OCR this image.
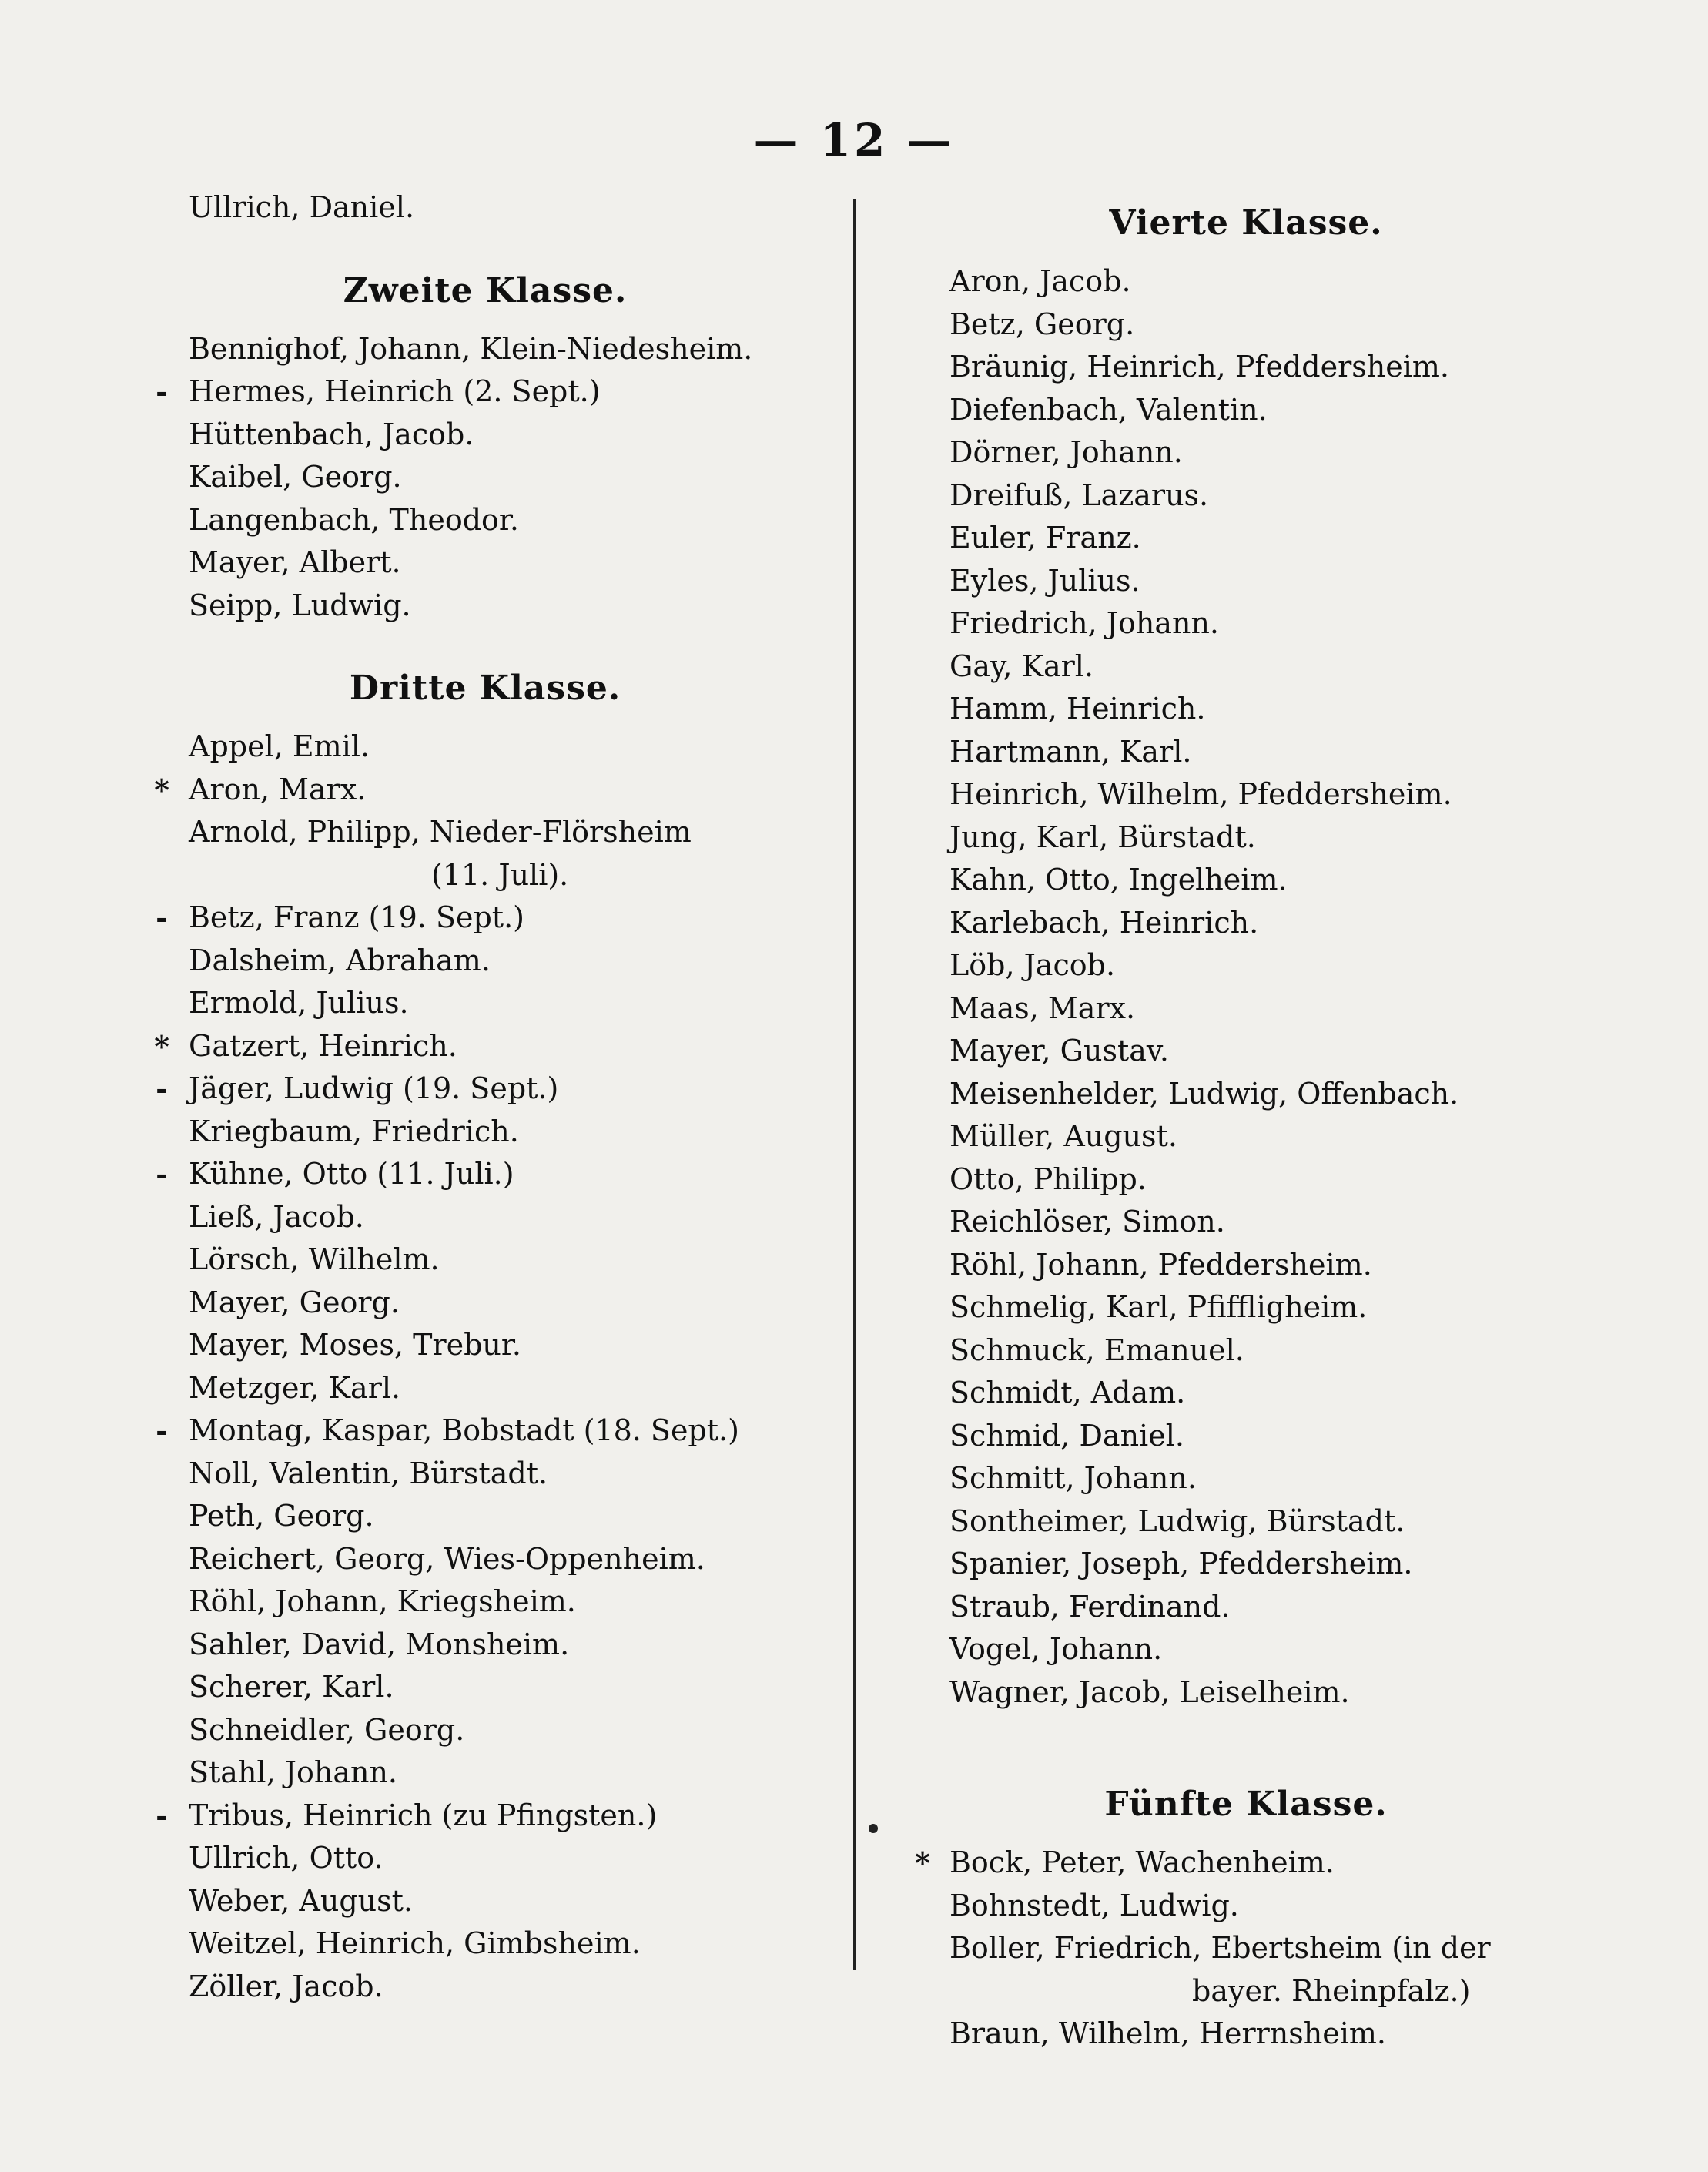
— 12 —
Ullrich, Daniel.
Zweite Klasse.
Bennighof, Johann, Klein-Niedesheim.
- Hermes, Heinrich (2. Sept.)
Hüttenbach, Jacob.
Kaibel, Georg.
Langenbach, Theodor.
Mayer, Albert.
Seipp, Ludwig.
Dritte Klasse.
Appel, Emil.
* Aron, Marx.
Arnold, Philipp, Nieder-Flörsheim
(11. Juli).
- Betz, Franz (19. Sept.)
Dalsheim, Abraham.
Ermold, Julius.
* Gatzert, Heinrich.
- Jäger, Ludwig (19. Sept.)
Kriegbaum, Friedrich.
- Kühne, Otto (11. Juli.)
Ließ, Jacob.
Lörsch, Wilhelm.
Mayer, Georg.
Mayer, Moses, Trebur.
Metzger, Karl.
- Montag, Kaspar, Bobstadt (18. Sept.)
Noll, Valentin, Bürstadt.
Peth, Georg.
Reichert, Georg, Wies-Oppenheim.
Röhl, Johann, Kriegsheim.
Sahler, David, Monsheim.
Scherer, Karl.
Schneidler, Georg.
Stahl, Johann.
- Tribus, Heinrich (zu Pfingsten.)
Ullrich, Otto.
Weber, August.
Weitzel, Heinrich, Gimbsheim.
Zöller, Jacob.
Vierte Klasse.
Aron, Jacob.
Betz, Georg.
Bräunig, Heinrich, Pfeddersheim.
Diefenbach, Valentin.
Dörner, Johann.
Dreifuß, Lazarus.
Euler, Franz.
Eyles, Julius.
Friedrich, Johann.
Gay, Karl.
Hamm, Heinrich.
Hartmann, Karl.
Heinrich, Wilhelm, Pfeddersheim.
Jung, Karl, Bürstadt.
Kahn, Otto, Ingelheim.
Karlebach, Heinrich.
Löb, Jacob.
Maas, Marx.
Mayer, Gustav.
Meisenhelder, Ludwig, Offenbach.
Müller, August.
Otto, Philipp.
Reichlöser, Simon.
Röhl, Johann, Pfeddersheim.
Schmelig, Karl, Pfiffligheim.
Schmuck, Emanuel.
Schmidt, Adam.
Schmid, Daniel.
Schmitt, Johann.
Sontheimer, Ludwig, Bürstadt.
Spanier, Joseph, Pfeddersheim.
Straub, Ferdinand.
Vogel, Johann.
Wagner, Jacob, Leiselheim.
Fünfte Klasse.
* Bock, Peter, Wachenheim.
Bohnstedt, Ludwig.
Boller, Friedrich, Ebertsheim (in der
bayer. Rheinpfalz.)
Braun, Wilhelm, Herrnsheim.
